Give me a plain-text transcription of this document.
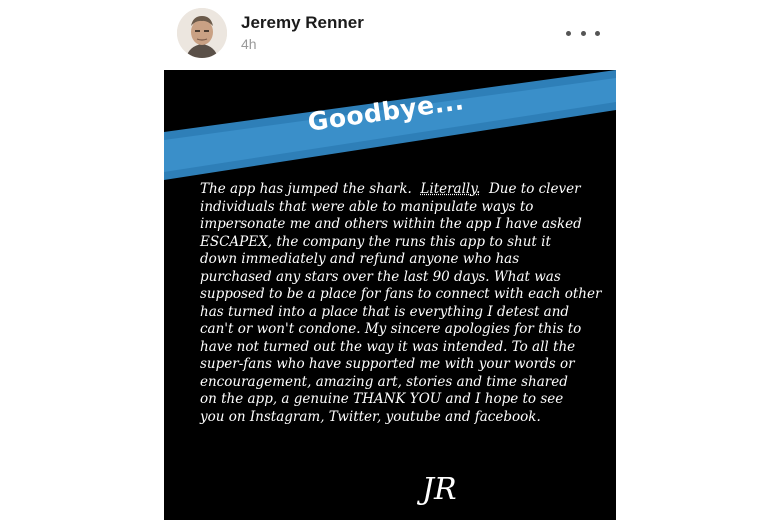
Jeremy Renner
4h
Goodbye...
The app has jumped the shark. Literally. Due to clever
individuals that were able to manipulate ways to
impersonate me and others within the app I have asked
ESCAPEX, the company the runs this app to shut it
down immediately and refund anyone who has
purchased any stars over the last 90 days. What was
supposed to be a place for fans to connect with each other
has turned into a place that is everything I detest and
can't or won't condone. My sincere apologies for this to
have not turned out the way it was intended. To all the
super-fans who have supported me with your words or
encouragement, amazing art, stories and time shared
on the app, a genuine THANK YOU and I hope to see
you on Instagram, Twitter, youtube and facebook.
JR
